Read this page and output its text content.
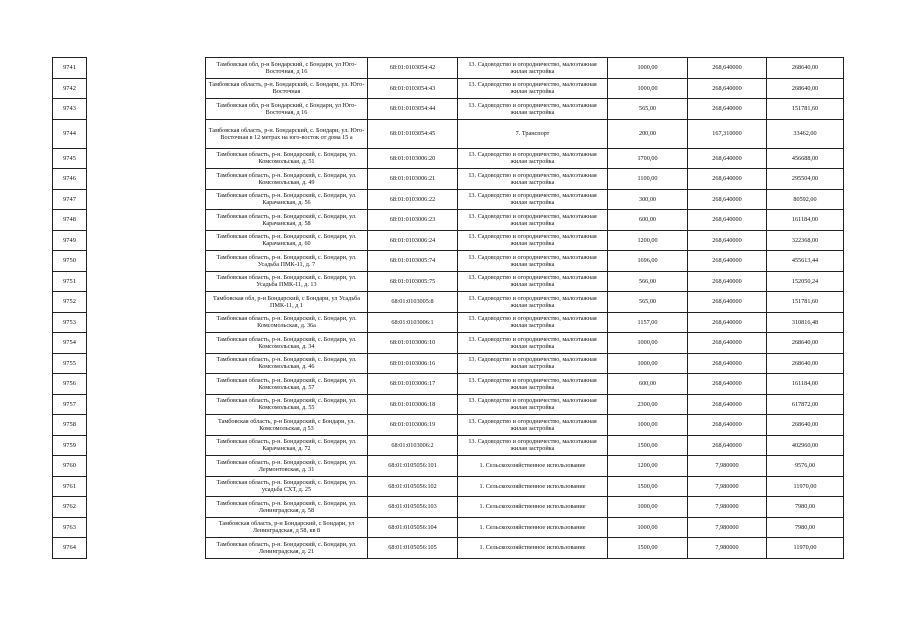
9741		Тамбовская обл, р-н Бондарский, с Бондари, ул Юго-Восточная, д 16	68:01:0103054:42	13. Садоводство и огородничество, малоэтажная жилая застройка	1000,00	268,640000	268640,00
9742		Тамбовская область, р-н. Бондарский, с. Бондари, ул. Юго-Восточная	68:01:0103054:43	13. Садоводство и огородничество, малоэтажная жилая застройка	1000,00	268,640000	268640,00
9743		Тамбовская обл, р-н Бондарский, с Бондари, ул Юго-Восточная, д 16	68:01:0103054:44	13. Садоводство и огородничество, малоэтажная жилая застройка	565,00	268,640000	151781,60
9744		Тамбовская область, р-н. Бондарский, с. Бондари, ул. Юго-Восточная в 12 метрах на юго-восток от дома 15 а	68:01:0103054:45	7. Транспорт	200,00	167,310000	33462,00
9745		Тамбовская область, р-н. Бондарский, с. Бондари, ул. Комсомольская, д. 51	68:01:0103006:20	13. Садоводство и огородничество, малоэтажная жилая застройка	1700,00	268,640000	456688,00
9746		Тамбовская область, р-н. Бондарский, с. Бондари, ул. Комсомольская, д. 49	68:01:0103006:21	13. Садоводство и огородничество, малоэтажная жилая застройка	1100,00	268,640000	295504,00
9747		Тамбовская область, р-н. Бондарский, с. Бондари, ул. Карачанская, д. 56	68:01:0103006:22	13. Садоводство и огородничество, малоэтажная жилая застройка	300,00	268,640000	80592,00
9748		Тамбовская область, р-н. Бондарский, с. Бондари, ул. Карачанская, д. 58	68:01:0103006:23	13. Садоводство и огородничество, малоэтажная жилая застройка	600,00	268,640000	161184,00
9749		Тамбовская область, р-н. Бондарский, с. Бондари, ул. Карачанская, д. 60	68:01:0103006:24	13. Садоводство и огородничество, малоэтажная жилая застройка	1200,00	268,640000	322368,00
9750		Тамбовская область, р-н. Бондарский, с. Бондари, ул. Усадьба ПМК-11, д. 7	68:01:0103005:74	13. Садоводство и огородничество, малоэтажная жилая застройка	1696,00	268,640000	455613,44
9751		Тамбовская область, р-н. Бондарский, с. Бондари, ул. Усадьба ПМК-11, д. 13	68:01:0103005:75	13. Садоводство и огородничество, малоэтажная жилая застройка	566,00	268,640000	152050,24
9752		Тамбовская обл, р-н Бондарский, с Бондари, ул Усадьба ПМК-11, д 1	68:01:0103005:8	13. Садоводство и огородничество, малоэтажная жилая застройка	565,00	268,640000	151781,60
9753		Тамбовская область, р-н. Бондарский, с. Бондари, ул. Комсомольская, д. 36а	68:01:0103006:1	13. Садоводство и огородничество, малоэтажная жилая застройка	1157,00	268,640000	310816,48
9754		Тамбовская область, р-н. Бондарский, с. Бондари, ул. Комсомольская, д. 34	68:01:0103006:10	13. Садоводство и огородничество, малоэтажная жилая застройка	1000,00	268,640000	268640,00
9755		Тамбовская область, р-н. Бондарский, с. Бондари, ул. Комсомольская, д. 46	68:01:0103006:16	13. Садоводство и огородничество, малоэтажная жилая застройка	1000,00	268,640000	268640,00
9756		Тамбовская область, р-н. Бондарский, с. Бондари, ул. Комсомольская, д. 57	68:01:0103006:17	13. Садоводство и огородничество, малоэтажная жилая застройка	600,00	268,640000	161184,00
9757		Тамбовская область, р-н. Бондарский, с. Бондари, ул. Комсомольская, д. 55	68:01:0103006:18	13. Садоводство и огородничество, малоэтажная жилая застройка	2300,00	268,640000	617872,00
9758		Тамбовская область, р-н Бондарский, с Бондари, ул. Комсомольская, д 53	68:01:0103006:19	13. Садоводство и огородничество, малоэтажная жилая застройка	1000,00	268,640000	268640,00
9759		Тамбовская область, р-н. Бондарский, с. Бондари, ул. Карачанская, д. 72	68:01:0103006:2	13. Садоводство и огородничество, малоэтажная жилая застройка	1500,00	268,640000	402960,00
9760		Тамбовская область, р-н. Бондарский, с. Бондари, ул. Лермонтовская, д. 31	68:01:0105056:101	1. Сельскохозяйственное использование	1200,00	7,980000	9576,00
9761		Тамбовская область, р-н. Бондарский, с. Бондари, ул. усадьба СХТ, д. 25	68:01:0105056:102	1. Сельскохозяйственное использование	1500,00	7,980000	11970,00
9762		Тамбовская область, р-н. Бондарский, с. Бондари, ул. Ленинградская, д. 58	68:01:0105056:103	1. Сельскохозяйственное использование	1000,00	7,980000	7980,00
9763		Тамбовская область, р-н Бондарский, с Бондари, ул Ленинградская, д 58, кв 8	68:01:0105056:104	1. Сельскохозяйственное использование	1000,00	7,980000	7980,00
9764		Тамбовская область, р-н. Бондарский, с. Бондари, ул. Ленинградская, д. 21	68:01:0105056:105	1. Сельскохозяйственное использование	1500,00	7,980000	11970,00
